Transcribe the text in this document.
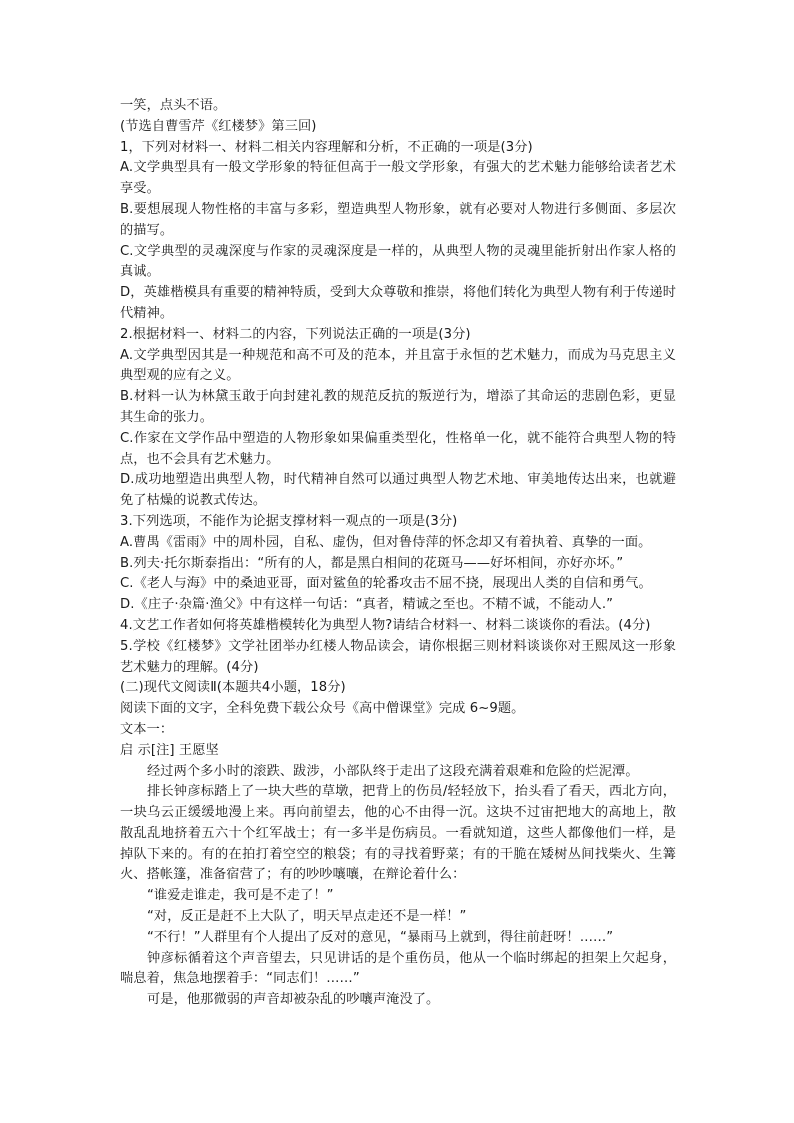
一笑，点头不语。

(节选自曹雪芹《红楼梦》第三回)

1，下列对材料一、材料二相关内容理解和分析，不正确的一项是(3分)

A.文学典型具有一般文学形象的特征但高于一般文学形象，有强大的艺术魅力能够给读者艺术享受。

B.要想展现人物性格的丰富与多彩，塑造典型人物形象，就有必要对人物进行多侧面、多层次的描写。

C.文学典型的灵魂深度与作家的灵魂深度是一样的，从典型人物的灵魂里能折射出作家人格的真诚。

D，英雄楷模具有重要的精神特质，受到大众尊敬和推崇，将他们转化为典型人物有利于传递时代精神。

2.根据材料一、材料二的内容，下列说法正确的一项是(3分)

A.文学典型因其是一种规范和高不可及的范本，并且富于永恒的艺术魅力，而成为马克思主义典型观的应有之义。

B.材料一认为林黛玉敢于向封建礼教的规范反抗的叛逆行为，增添了其命运的悲剧色彩，更显其生命的张力。

C.作家在文学作品中塑造的人物形象如果偏重类型化，性格单一化，就不能符合典型人物的特点，也不会具有艺术魅力。

D.成功地塑造出典型人物，时代精神自然可以通过典型人物艺术地、审美地传达出来，也就避免了枯燥的说教式传达。

3.下列选项，不能作为论据支撑材料一观点的一项是(3分)

A.曹禺《雷雨》中的周朴园，自私、虚伪，但对鲁侍萍的怀念却又有着执着、真挚的一面。

B.列夫·托尔斯泰指出：“所有的人，都是黑白相间的花斑马——好坏相间，亦好亦坏。”

C.《老人与海》中的桑迪亚哥，面对鲨鱼的轮番攻击不屈不挠，展现出人类的自信和勇气。

D.《庄子·杂篇·渔父》中有这样一句话：“真者，精诚之至也。不精不诚，不能动人.”

4.文艺工作者如何将英雄楷模转化为典型人物?请结合材料一、材料二谈谈你的看法。(4分)

5.学校《红楼梦》文学社团举办红楼人物品读会，请你根据三则材料谈谈你对王熙凤这一形象艺术魅力的理解。(4分)

(二)现代文阅读Ⅱ(本题共4小题，18分)

阅读下面的文字，全科免费下载公众号《高中僧课堂》完成 6~9题。

文本一：

启 示[注] 王愿坚

经过两个多小时的滚跌、跋涉，小部队终于走出了这段充满着艰难和危险的烂泥潭。

排长钟彦标踏上了一块大些的草墩，把背上的伤员/轻轻放下，抬头看了看天，西北方向，一块乌云正缓缓地漫上来。再向前望去，他的心不由得一沉。这块不过宙把地大的高地上，散散乱乱地挤着五六十个红军战士；有一多半是伤病员。一看就知道，这些人都像他们一样，是掉队下来的。有的在拍打着空空的粮袋；有的寻找着野菜；有的干脆在矮树丛间找柴火、生篝火、搭帐篷，准备宿营了；有的吵吵嚷嚷，在辩论着什么：

“谁爱走谁走，我可是不走了！”

“对，反正是赶不上大队了，明天早点走还不是一样！”

“不行！”人群里有个人提出了反对的意见，“暴雨马上就到，得往前赶呀！……”

钟彦标循着这个声音望去，只见讲话的是个重伤员，他从一个临时绑起的担架上欠起身，喘息着，焦急地摆着手：“同志们！……”

可是，他那微弱的声音却被杂乱的吵嚷声淹没了。
